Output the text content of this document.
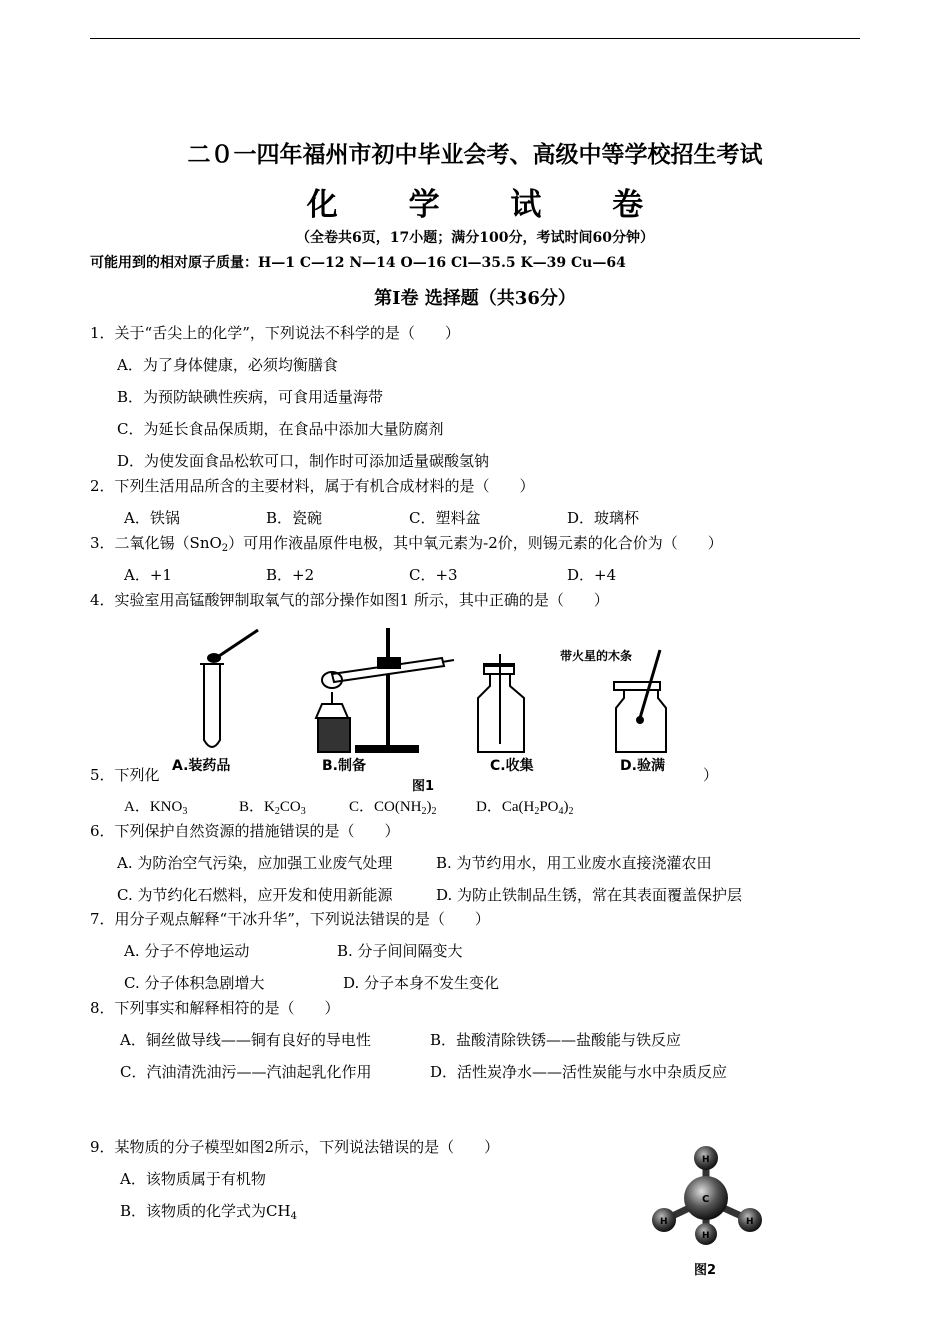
二０一四年福州市初中毕业会考、高级中等学校招生考试
化 学 试 卷
（全卷共6页，17小题；满分100分，考试时间60分钟）
可能用到的相对原子质量：H—1 C—12 N—14 O—16 Cl—35.5 K—39 Cu—64
第Ⅰ卷 选择题（共36分）
1．关于“舌尖上的化学”，下列说法不科学的是（　　）
A．为了身体健康，必须均衡膳食
B．为预防缺碘性疾病，可食用适量海带
C．为延长食品保质期，在食品中添加大量防腐剂
D．为使发面食品松软可口，制作时可添加适量碳酸氢钠
2．下列生活用品所含的主要材料，属于有机合成材料的是（　　）
A．铁锅	B．瓷碗	C．塑料盆	D．玻璃杯
3．二氧化锡（SnO$_2$）可用作液晶原件电极，其中氧元素为-2价，则锡元素的化合价为（　　）
A．+1	B．+2	C．+3	D．+4
4．实验室用高锰酸钾制取氧气的部分操作如图1 所示，其中正确的是（　　）
5．下列化	）
A．$KNO_3$	B．$K_2CO_3$	C．$CO(NH_2)_2$	D．$Ca(H_2PO_4)_2$
带火星的木条
A.装药品	B.制备	C.收集	D.验满
图1
6．下列保护自然资源的措施错误的是（　　）
A. 为防治空气污染，应加强工业废气处理	B. 为节约用水，用工业废水直接浇灌农田
C. 为节约化石燃料，应开发和使用新能源	D. 为防止铁制品生锈，常在其表面覆盖保护层
7．用分子观点解释“干冰升华”，下列说法错误的是（　　）
A. 分子不停地运动	B. 分子间间隔变大
C. 分子体积急剧增大	D. 分子本身不发生变化
8．下列事实和解释相符的是（　　）
A．铜丝做导线——铜有良好的导电性	B．盐酸清除铁锈——盐酸能与铁反应
C．汽油清洗油污——汽油起乳化作用	D．活性炭净水——活性炭能与水中杂质反应
9．某物质的分子模型如图2所示，下列说法错误的是（　　）
A．该物质属于有机物
B．该物质的化学式为$CH_4$
H
H	H
H
C
图2
